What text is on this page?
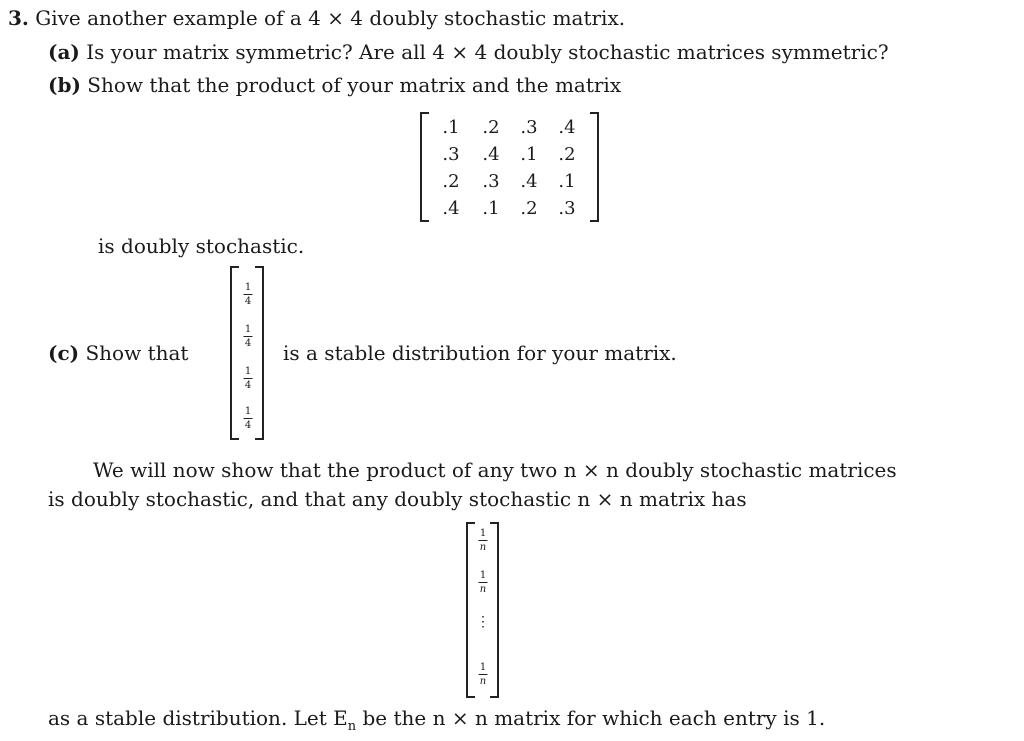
3. Give another example of a 4 × 4 doubly stochastic matrix.
(a) Is your matrix symmetric? Are all 4 × 4 doubly stochastic matrices symmetric?
(b) Show that the product of your matrix and the matrix
.1	.2	.3	.4
.3	.4	.1	.2
.2	.3	.4	.1
.4	.1	.2	.3
is doubly stochastic.
(c) Show that	is a stable distribution for your matrix.
1
4
1
4
1
4
1
4
We will now show that the product of any two n × n doubly stochastic matrices
is doubly stochastic, and that any doubly stochastic n × n matrix has
1
n
1
n
⋮
1
n
as a stable distribution. Let $E_n$ be the n × n matrix for which each entry is 1.
